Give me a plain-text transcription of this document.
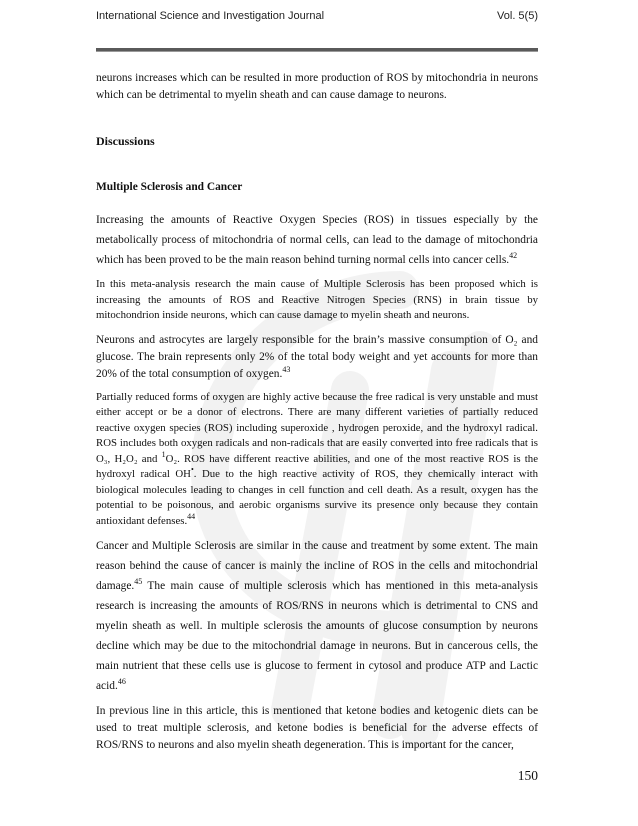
International Science and Investigation Journal	Vol. 5(5)

neurons increases which can be resulted in more production of ROS by mitochondria in neurons which can be detrimental to myelin sheath and can cause damage to neurons.

Discussions
Multiple Sclerosis and Cancer

Increasing the amounts of Reactive Oxygen Species (ROS) in tissues especially by the metabolically process of mitochondria of normal cells, can lead to the damage of mitochondria which has been proved to be the main reason behind turning normal cells into cancer cells.$^{42}$

In this meta-analysis research the main cause of Multiple Sclerosis has been proposed which is increasing the amounts of ROS and Reactive Nitrogen Species (RNS) in brain tissue by mitochondrion inside neurons, which can cause damage to myelin sheath and neurons.

Neurons and astrocytes are largely responsible for the brain’s massive consumption of O₂ and glucose. The brain represents only 2% of the total body weight and yet accounts for more than 20% of the total consumption of oxygen.$^{43}$

Partially reduced forms of oxygen are highly active because the free radical is very unstable and must either accept or be a donor of electrons. There are many different varieties of partially reduced reactive oxygen species (ROS) including superoxide , hydrogen peroxide, and the hydroxyl radical. ROS includes both oxygen radicals and non-radicals that are easily converted into free radicals that is O₃, H₂O₂ and $^1$O₂. ROS have different reactive abilities, and one of the most reactive ROS is the hydroxyl radical OH•. Due to the high reactive activity of ROS, they chemically interact with biological molecules leading to changes in cell function and cell death. As a result, oxygen has the potential to be poisonous, and aerobic organisms survive its presence only because they contain antioxidant defenses.$^{44}$

Cancer and Multiple Sclerosis are similar in the cause and treatment by some extent. The main reason behind the cause of cancer is mainly the incline of ROS in the cells and mitochondrial damage.$^{45}$ The main cause of multiple sclerosis which has mentioned in this meta-analysis research is increasing the amounts of ROS/RNS in neurons which is detrimental to CNS and myelin sheath as well. In multiple sclerosis the amounts of glucose consumption by neurons decline which may be due to the mitochondrial damage in neurons. But in cancerous cells, the main nutrient that these cells use is glucose to ferment in cytosol and produce ATP and Lactic acid.$^{46}$

In previous line in this article, this is mentioned that ketone bodies and ketogenic diets can be used to treat multiple sclerosis, and ketone bodies is beneficial for the adverse effects of ROS/RNS to neurons and also myelin sheath degeneration. This is important for the cancer,

150
